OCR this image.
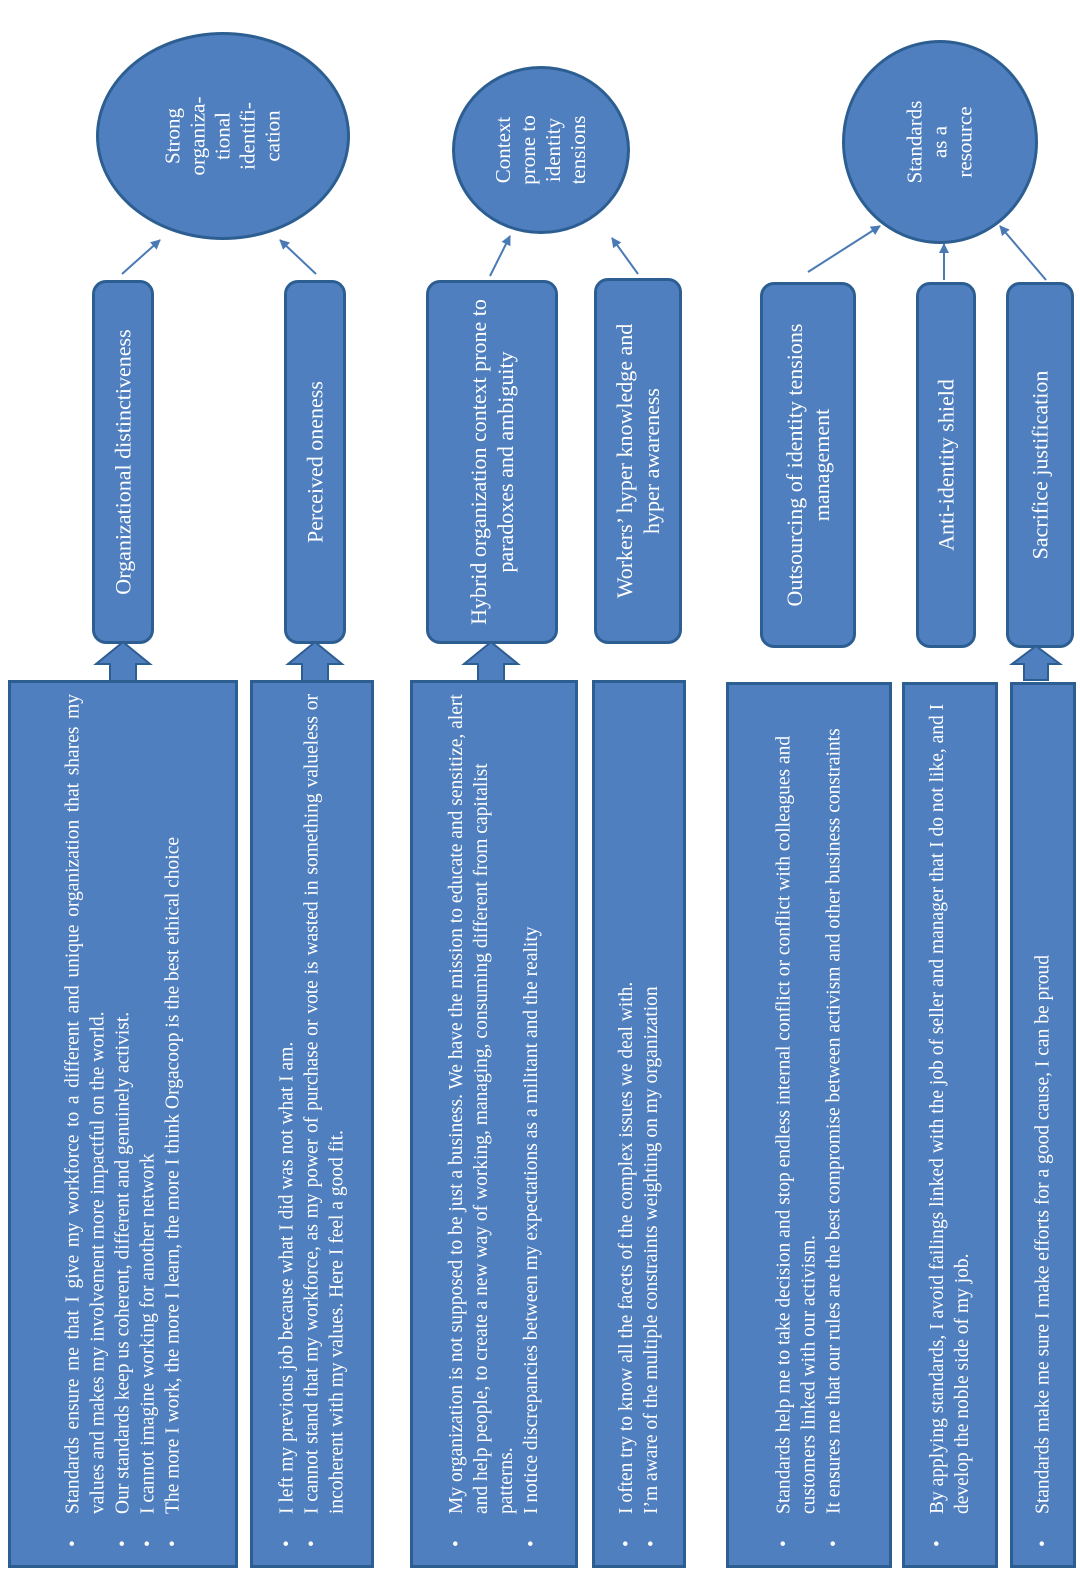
Strong
organiza-
tional
identifi-
cation
Organizational distinctiveness	Perceived oneness
• Standards ensure me that I give my workforce to a different and unique organization that shares my values and makes my involvement more impactful on the world. • Our standards keep us coherent, different and genuinely activist. • I cannot imagine working for another network • The more I work, the more I learn, the more I think Orgacoop is the best ethical choice	• I left my previous job because what I did was not what I am. • I cannot stand that my workforce, as my power of purchase or vote is wasted in something valueless or incoherent with my values. Here I feel a good fit.
Context
prone to
identity
tensions
Hybrid organization context prone to paradoxes and ambiguity	Workers’ hyper knowledge and hyper awareness
• My organization is not supposed to be just a business. We have the mission to educate and sensitize, alert and help people, to create a new way of working, managing, consuming different from capitalist patterns. • I notice discrepancies between my expectations as a militant and the reality	• I often try to know all the facets of the complex issues we deal with. • I’m aware of the multiple constraints weighting on my organization
Standards
as a
resource
Outsourcing of identity tensions management	Anti-identity shield	Sacrifice justification
• Standards help me to take decision and stop endless internal conflict or conflict with colleagues and customers linked with our activism. • It ensures me that our rules are the best compromise between activism and other business constraints	• By applying standards, I avoid failings linked with the job of seller and manager that I do not like, and I develop the noble side of my job.	• Standards make me sure I make efforts for a good cause, I can be proud
